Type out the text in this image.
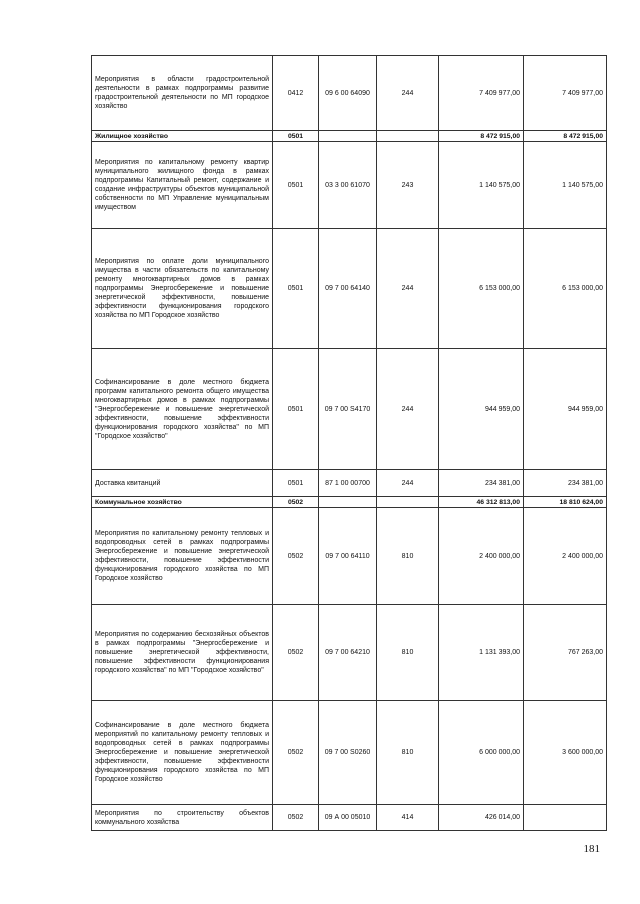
Мероприятия в области градостроительной деятельности в рамках подпрограммы развитие градостроительной деятельности по МП городское хозяйство	0412	09 6 00 64090	244	7 409 977,00	7 409 977,00
Жилищное хозяйство	0501			8 472 915,00	8 472 915,00
Мероприятия по капитальному ремонту квартир муниципального жилищного фонда в рамках подпрограммы Капитальный ремонт, содержание и создание инфраструктуры объектов муниципальной собственности по МП Управление муниципальным имуществом	0501	03 3 00 61070	243	1 140 575,00	1 140 575,00
Мероприятия по оплате доли муниципального имущества в части обязательств по капитальному ремонту многоквартирных домов в рамках подпрограммы Энергосбережение и повышение энергетической эффективности, повышение эффективности функционирования городского хозяйства по МП Городское хозяйство	0501	09 7 00 64140	244	6 153 000,00	6 153 000,00
Софинансирование в доле местного бюджета программ капитального ремонта общего имущества многоквартирных домов в рамках подпрограммы "Энергосбережение и повышение энергетической эффективности, повышение эффективности функционирования городского хозяйства" по МП "Городское хозяйство"	0501	09 7 00 S4170	244	944 959,00	944 959,00
Доставка квитанций	0501	87 1 00 00700	244	234 381,00	234 381,00
Коммунальное хозяйство	0502			46 312 813,00	18 810 624,00
Мероприятия по капитальному ремонту тепловых и водопроводных сетей в рамках подпрограммы Энергосбережение и повышение энергетической эффективности, повышение эффективности функционирования городского хозяйства по МП Городское хозяйство	0502	09 7 00 64110	810	2 400 000,00	2 400 000,00
Мероприятия по содержанию бесхозяйных объектов в рамках подпрограммы "Энергосбережение и повышение энергетической эффективности, повышение эффективности функционирования городского хозяйства" по МП "Городское хозяйство"	0502	09 7 00 64210	810	1 131 393,00	767 263,00
Софинансирование в доле местного бюджета мероприятий по капитальному ремонту тепловых и водопроводных сетей в рамках подпрограммы Энергосбережение и повышение энергетической эффективности, повышение эффективности функционирования городского хозяйства по МП Городское хозяйство	0502	09 7 00 S0260	810	6 000 000,00	3 600 000,00
Мероприятия по строительству объектов коммунального хозяйства	0502	09 А 00 05010	414	426 014,00	
181
